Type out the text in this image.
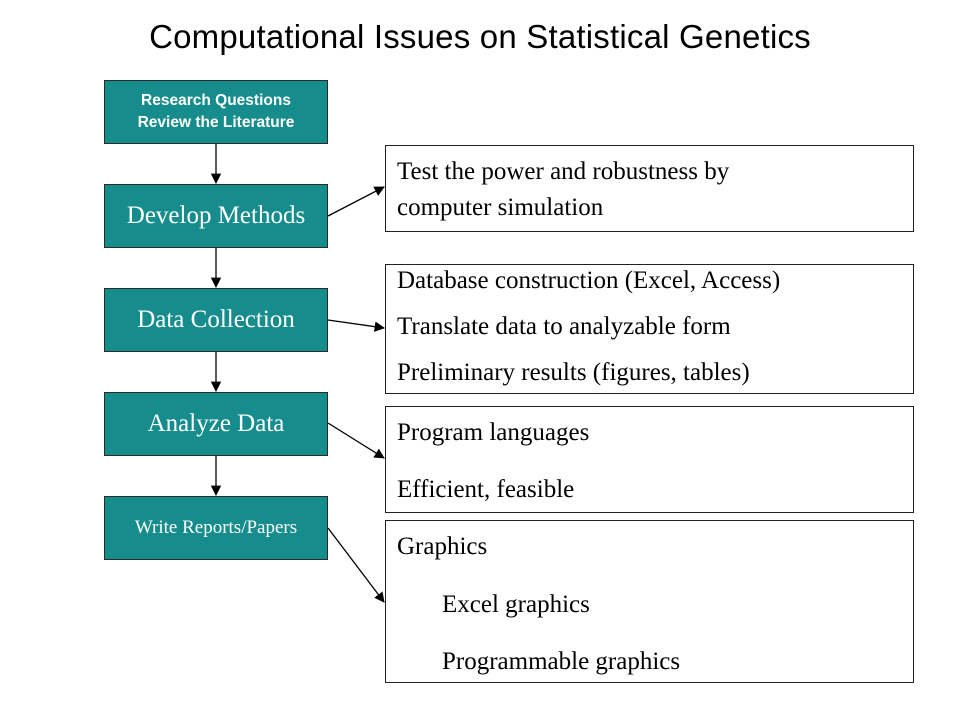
Computational Issues on Statistical Genetics
Research Questions
Review the Literature
Develop Methods
Data Collection
Analyze Data
Write Reports/Papers
Test the power and robustness by
computer simulation
Database construction (Excel, Access)
Translate data to analyzable form
Preliminary results (figures, tables)
Program languages
Efficient, feasible
Graphics
Excel graphics
Programmable graphics
